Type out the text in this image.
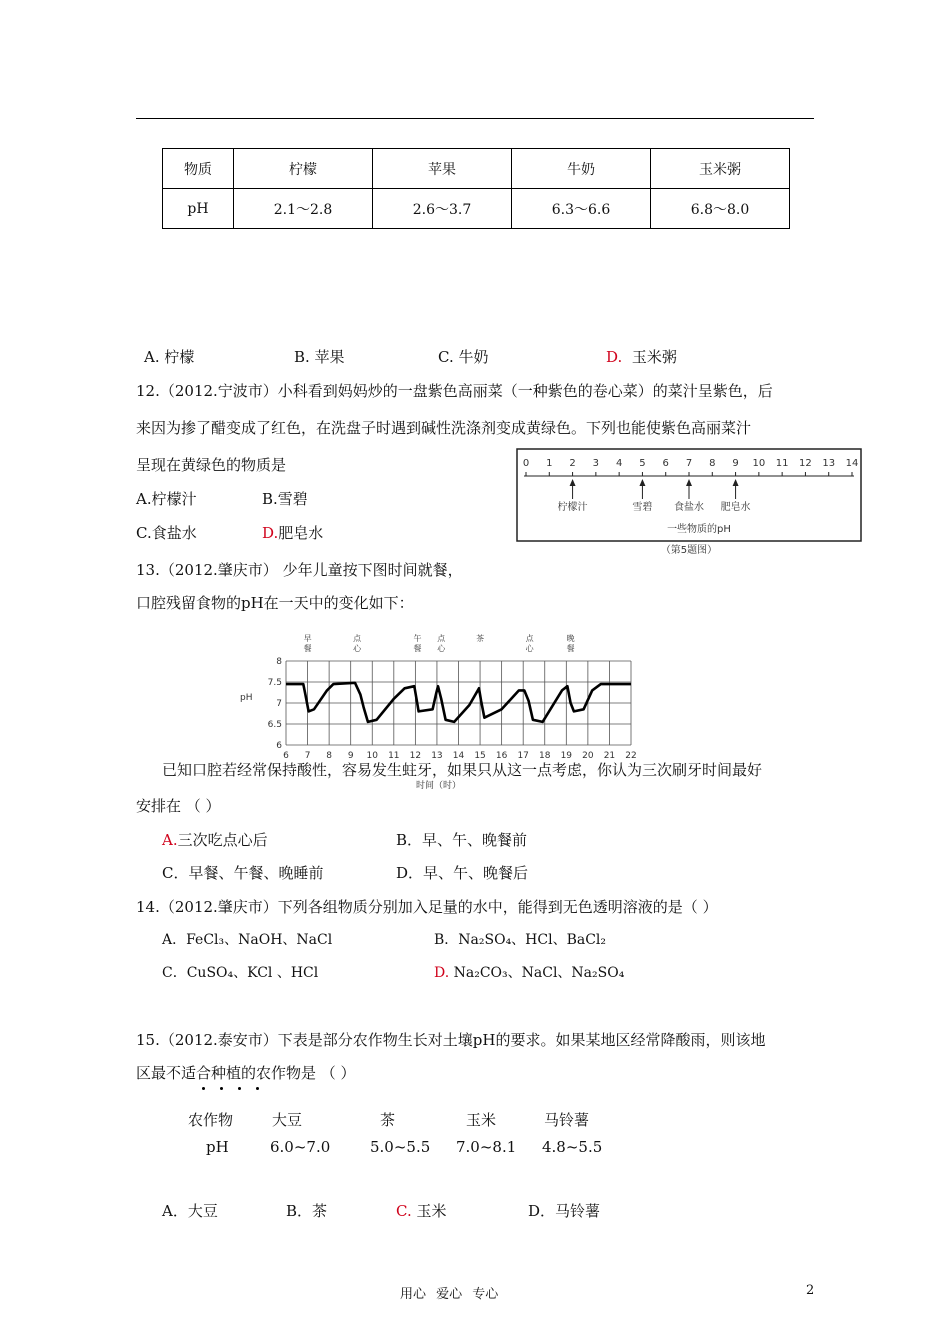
物质	柠檬	苹果	牛奶	玉米粥
pH	2.1～2.8	2.6～3.7	6.3～6.6	6.8～8.0
A. 柠檬	B. 苹果	C. 牛奶	D. 玉米粥
12.（2012.宁波市）小科看到妈妈炒的一盘紫色高丽菜（一种紫色的卷心菜）的菜汁呈紫色，后
来因为掺了醋变成了红色，在洗盘子时遇到碱性洗涤剂变成黄绿色。下列也能使紫色高丽菜汁
呈现在黄绿色的物质是
A.柠檬汁	B.雪碧
C.食盐水	D.肥皂水
0 1 2 3 4 5 6 7 8 9 10 11 12 13 14
柠檬汁	雪碧 食盐水 肥皂水
一些物质的pH
（第5题图）
13.（2012.肇庆市） 少年儿童按下图时间就餐，
口腔残留食物的pH在一天中的变化如下：
早
餐
点
心
午
餐
点
心
茶	点
心
晚
餐
8
7.5
7
6.5
6
6 7 8 9 10 11 12 13 14 15 16 17 18 19 20 21 22
pH
时间（时）
已知口腔若经常保持酸性，容易发生蛀牙，如果只从这一点考虑，你认为三次刷牙时间最好
安排在 （ ）
A.三次吃点心后	B．早、午、晚餐前
C．早餐、午餐、晚睡前	D．早、午、晚餐后
14.（2012.肇庆市）下列各组物质分别加入足量的水中，能得到无色透明溶液的是（ ）
A．FeCl₃、NaOH、NaCl	B．Na₂SO₄、HCl、BaCl₂
C．CuSO₄、KCl 、HCl	D. Na₂CO₃、NaCl、Na₂SO₄
15.（2012.泰安市）下表是部分农作物生长对土壤pH的要求。如果某地区经常降酸雨，则该地
区最不适合种植的农作物是 （ ）
农作物	大豆	茶	玉米	马铃薯
pH	6.0~7.0	5.0~5.5 7.0~8.1 4.8~5.5
A．大豆	B．茶	C. 玉米	D．马铃薯
用心 爱心 专心	2
